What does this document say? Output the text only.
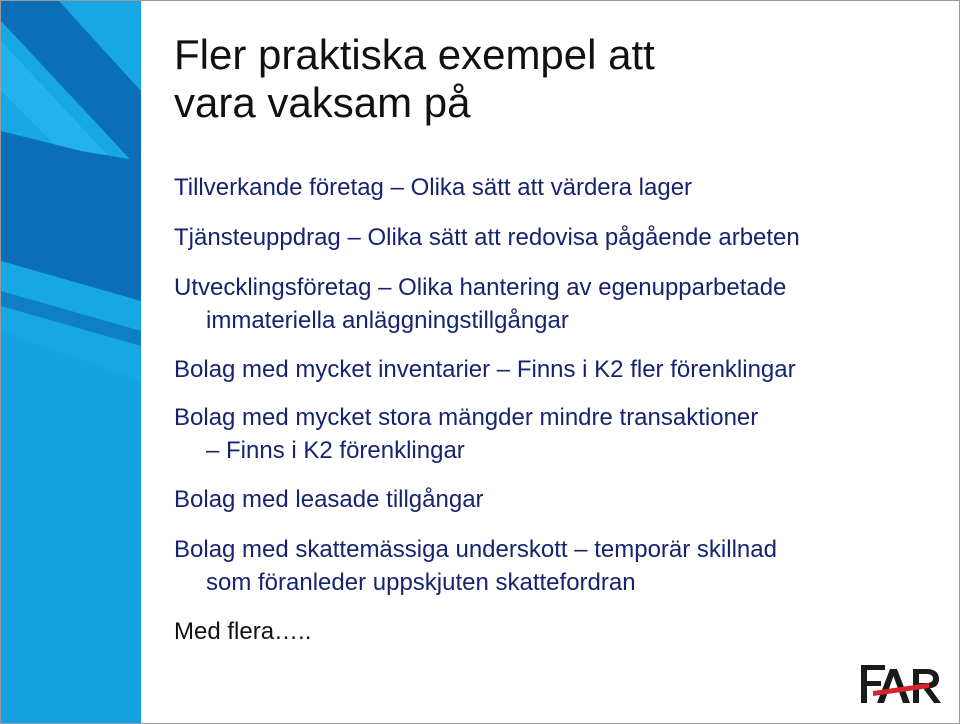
Fler praktiska exempel att
vara vaksam på
Tillverkande företag – Olika sätt att värdera lager
Tjänsteuppdrag – Olika sätt att redovisa pågående arbeten
Utvecklingsföretag – Olika hantering av egenupparbetade
immateriella anläggningstillgångar
Bolag med mycket inventarier – Finns i K2 fler förenklingar
Bolag med mycket stora mängder mindre transaktioner
– Finns i K2 förenklingar
Bolag med leasade tillgångar
Bolag med skattemässiga underskott – temporär skillnad
som föranleder uppskjuten skattefordran
Med flera…..
